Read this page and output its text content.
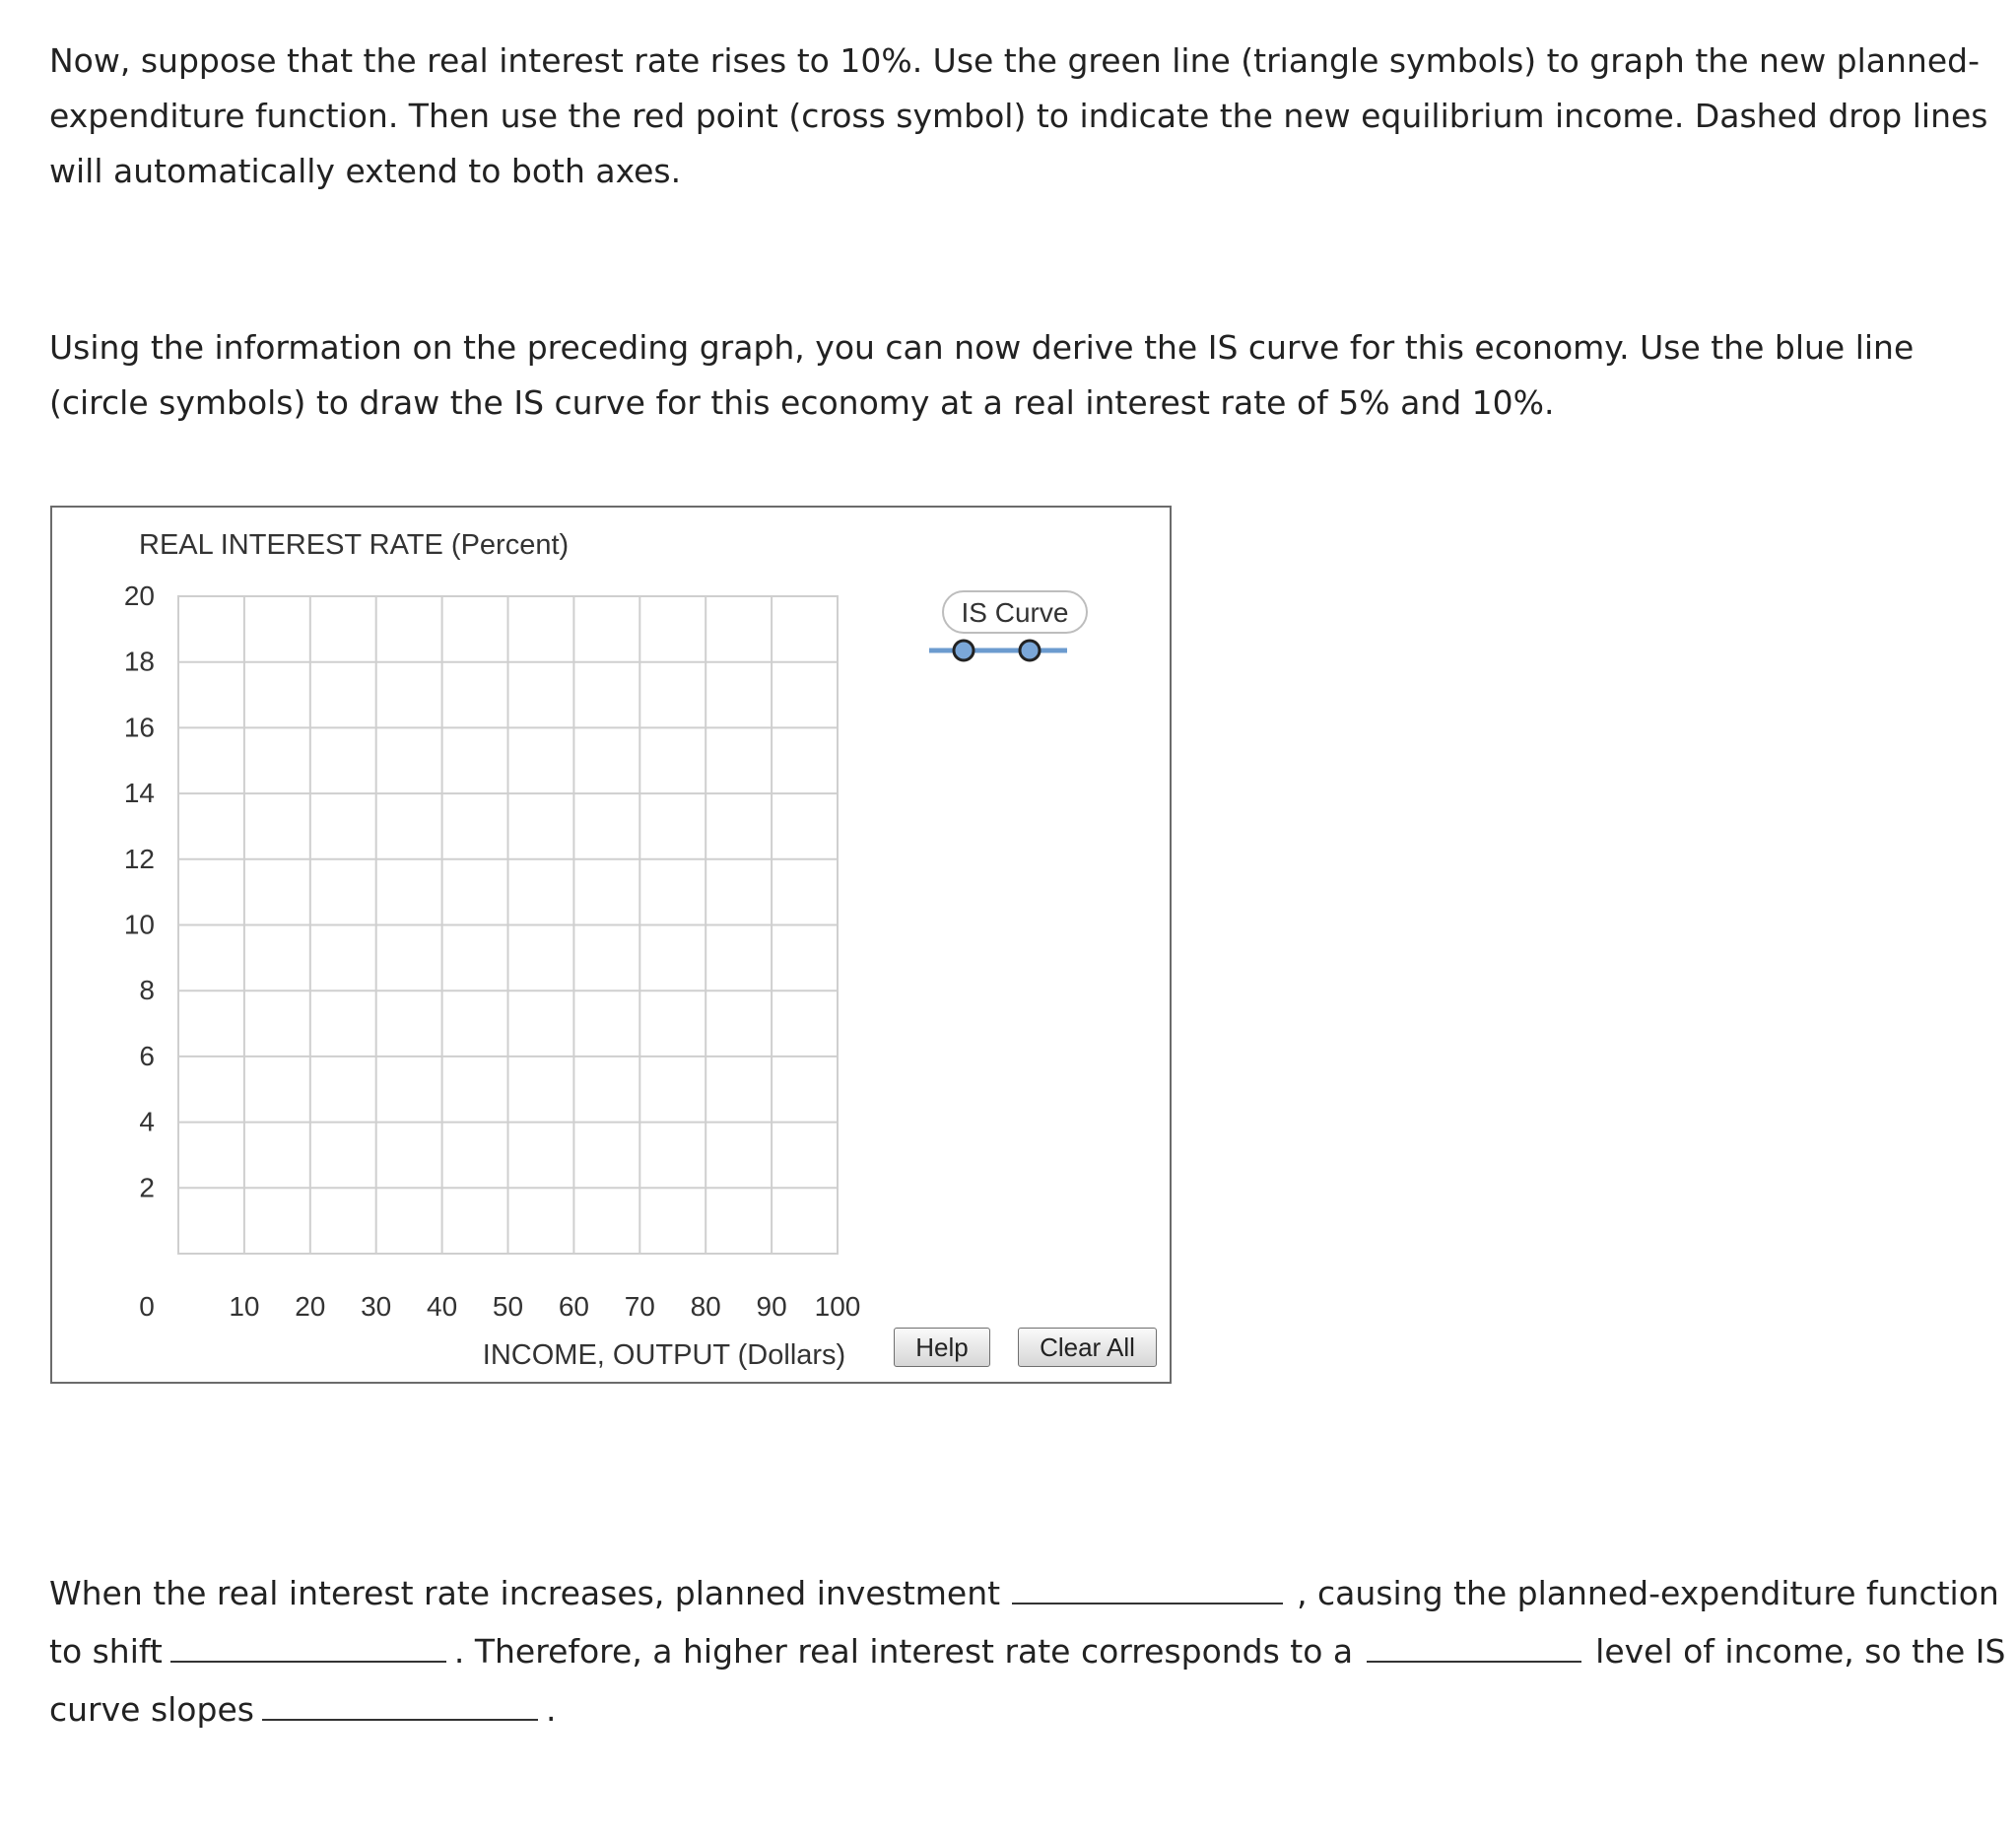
Now, suppose that the real interest rate rises to 10%. Use the green line (triangle symbols) to graph the new planned-expenditure function. Then use the red point (cross symbol) to indicate the new equilibrium income. Dashed drop lines will automatically extend to both axes.

Using the information on the preceding graph, you can now derive the IS curve for this economy. Use the blue line (circle symbols) to draw the IS curve for this economy at a real interest rate of 5% and 10%.

2
4
6
8
10
12
14
16
18
20
0	10 20 30 40 50 60 70 80 90 100
REAL INTEREST RATE (Percent)
INCOME, OUTPUT (Dollars)
IS Curve
Help	Clear All

When the real interest rate increases, planned investment	, causing the planned-expenditure function to shift	. Therefore, a higher real interest rate corresponds to a	level of income, so the IS curve slopes	.
